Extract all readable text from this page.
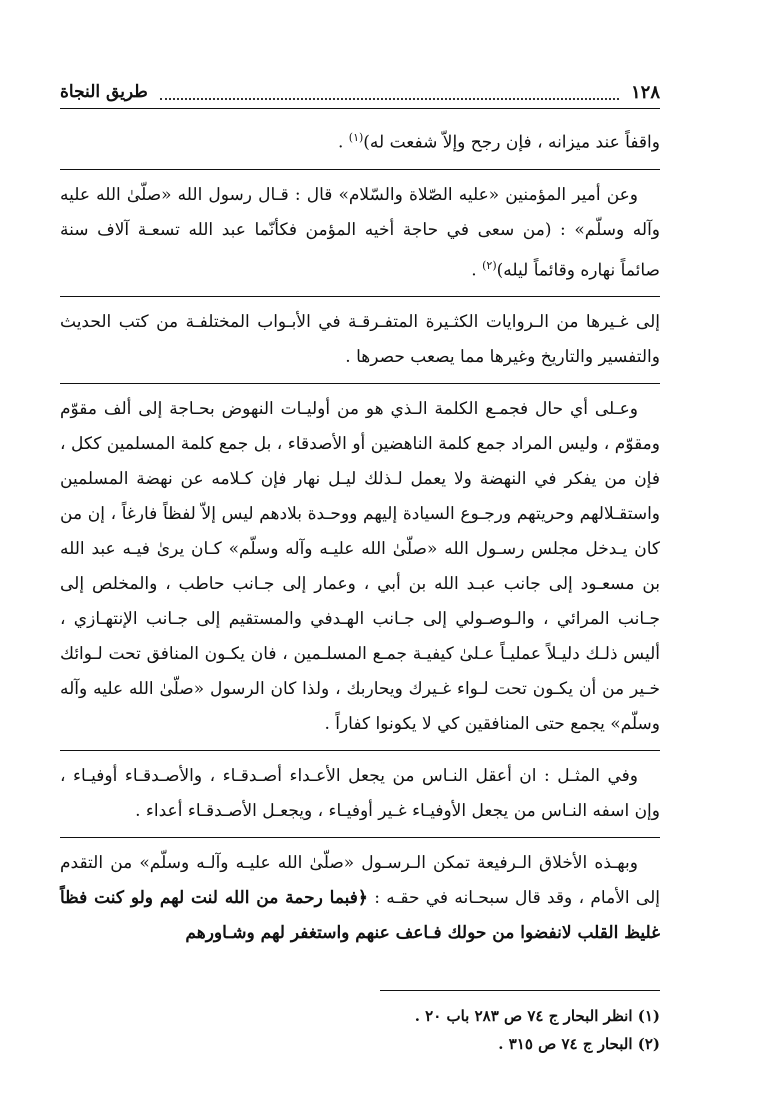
١٢٨
طريق النجاة

واقفاً عند ميزانه ، فإن رجح وإلاّ شفعت له)$^{(١)}$ .

وعن أمير المؤمنين «عليه الصّلاة والسّلام» قال : قـال رسول الله «صلّىٰ الله عليه وآله وسلّم» : (من سعى في حاجة أخيه المؤمن فكأنّما عبد الله تسعـة آلاف سنة صائماً نهاره وقائماً ليله)$^{(٢)}$ .

إلى غـيرها من الـروايات الكثـيرة المتفـرقـة في الأبـواب المختلفـة من كتب الحديث والتفسير والتاريخ وغيرها مما يصعب حصرها .

وعـلى أي حال فجمـع الكلمة الـذي هو من أوليـات النهوض بحـاجة إلى ألف مقوّم ومقوّم ، وليس المراد جمع كلمة الناهضين أو الأصدقاء ، بل جمع كلمة المسلمين ككل ، فإن من يفكر في النهضة ولا يعمل لـذلك ليـل نهار فإن كـلامه عن نهضة المسلمين واستقـلالهم وحريتهم ورجـوع السيادة إليهم ووحـدة بلادهم ليس إلاّ لفظاً فارغاً ، إن من كان يـدخل مجلس رسـول الله «صلّىٰ الله عليـه وآله وسلّم» كـان يرىٰ فيـه عبد الله بن مسعـود إلى جانب عبـد الله بن أبي ، وعمار إلى جـانب حاطب ، والمخلص إلى جـانب المرائي ، والـوصـولي إلى جـانب الهـدفي والمستقيم إلى جـانب الإنتهـازي ، أليس ذلـك دليـلاً عمليـاً عـلىٰ كيفيـة جمـع المسلـمين ، فان يكـون المنافق تحت لـوائك خـير من أن يكـون تحت لـواء غـيرك ويحاربك ، ولذا كان الرسول «صلّىٰ الله عليه وآله وسلّم» يجمع حتى المنافقين كي لا يكونوا كفاراً .

وفي المثـل : ان أعقل النـاس من يجعل الأعـداء أصـدقـاء ، والأصـدقـاء أوفيـاء ، وإن اسفه النـاس من يجعل الأوفيـاء غـير أوفيـاء ، ويجعـل الأصـدقـاء أعداء .

وبهـذه الأخلاق الـرفيعة تمكن الـرسـول «صلّىٰ الله عليـه وآلـه وسلّم» من التقدم إلى الأمام ، وقد قال سبحـانه في حقـه : ﴿فبما رحمة من الله لنت لهم ولو كنت فظاً غليظ القلب لانفضوا من حولك فـاعف عنهم واستغفر لهم وشـاورهم

(١) انظر البحار ج ٧٤ ص ٢٨٣ باب ٢٠ .
(٢) البحار ج ٧٤ ص ٣١٥ .
